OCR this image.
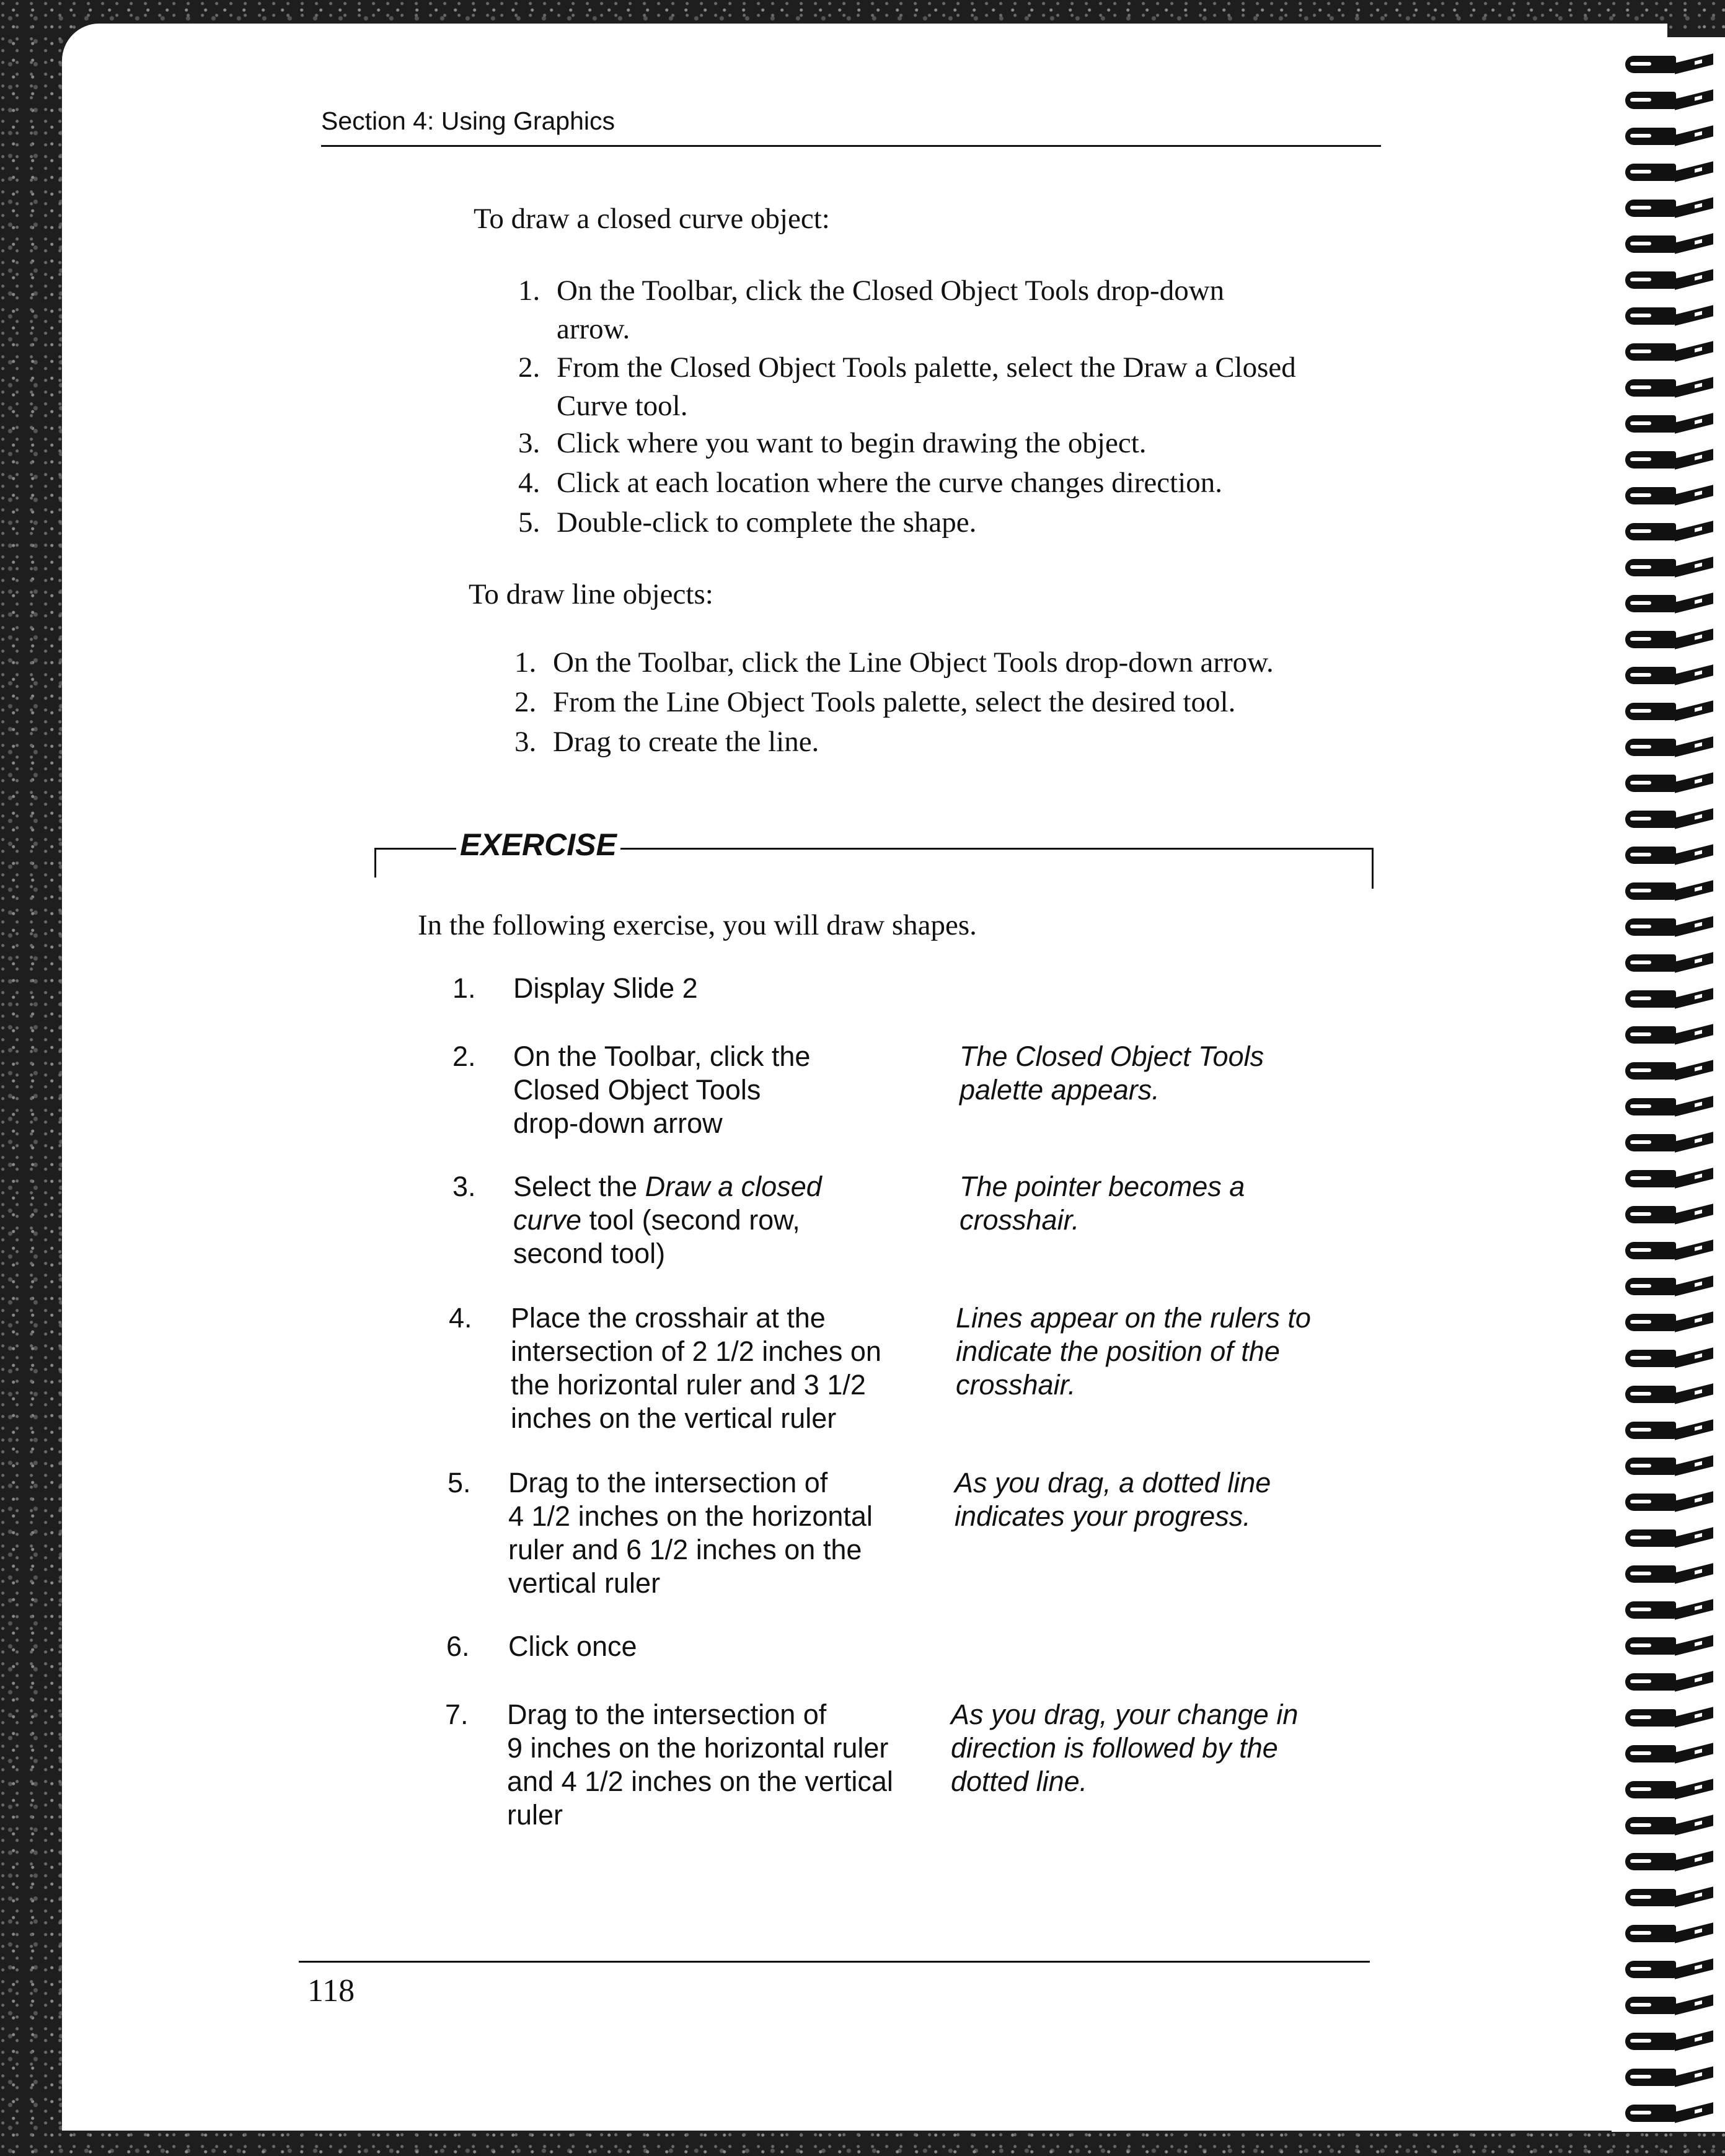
Section 4: Using Graphics

To draw a closed curve object:

1. On the Toolbar, click the Closed Object Tools drop-down
arrow.
2. From the Closed Object Tools palette, select the Draw a Closed
Curve tool.
3. Click where you want to begin drawing the object.
4. Click at each location where the curve changes direction.
5. Double-click to complete the shape.

To draw line objects:

1. On the Toolbar, click the Line Object Tools drop-down arrow.
2. From the Line Object Tools palette, select the desired tool.
3. Drag to create the line.

EXERCISE

In the following exercise, you will draw shapes.

1. Display Slide 2
2. On the Toolbar, click the
Closed Object Tools
drop-down arrow
The Closed Object Tools
palette appears.
3. Select the Draw a closed
curve tool (second row,
second tool)
The pointer becomes a
crosshair.
4. Place the crosshair at the
intersection of 2 1/2 inches on
the horizontal ruler and 3 1/2
inches on the vertical ruler
Lines appear on the rulers to
indicate the position of the
crosshair.
5. Drag to the intersection of
4 1/2 inches on the horizontal
ruler and 6 1/2 inches on the
vertical ruler
As you drag, a dotted line
indicates your progress.
6. Click once
7. Drag to the intersection of
9 inches on the horizontal ruler
and 4 1/2 inches on the vertical
ruler
As you drag, your change in
direction is followed by the
dotted line.

118
